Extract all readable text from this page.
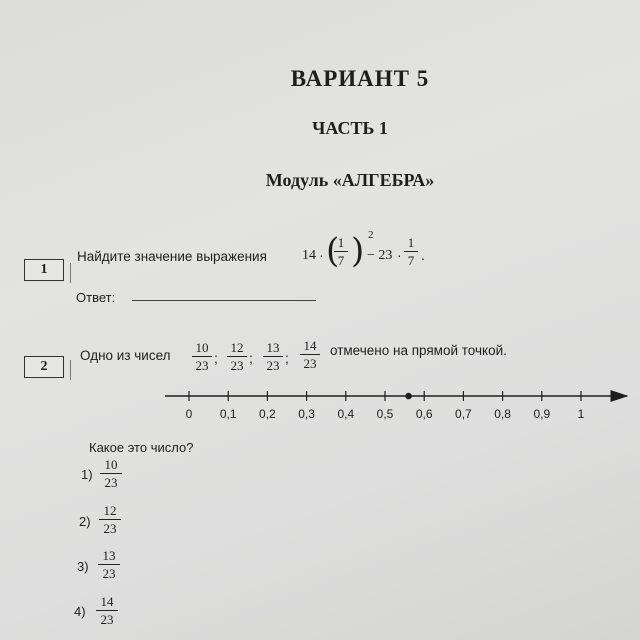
ВАРИАНТ 5
ЧАСТЬ 1
Модуль «АЛГЕБРА»
1
Найдите значение выражения	14 · (
1
7 ) 2
− 23 ·
1
7 .
Ответ:
2
Одно из чисел
10
23 ;
12
23 ;
13
23 ;
14
23
отмечено на прямой точкой.
0 0,1 0,2 0,3 0,4 0,5 0,6 0,7 0,8 0,9 1
Какое это число?
1)
10
23
2)
12
23
3)
13
23
4)
14
23
